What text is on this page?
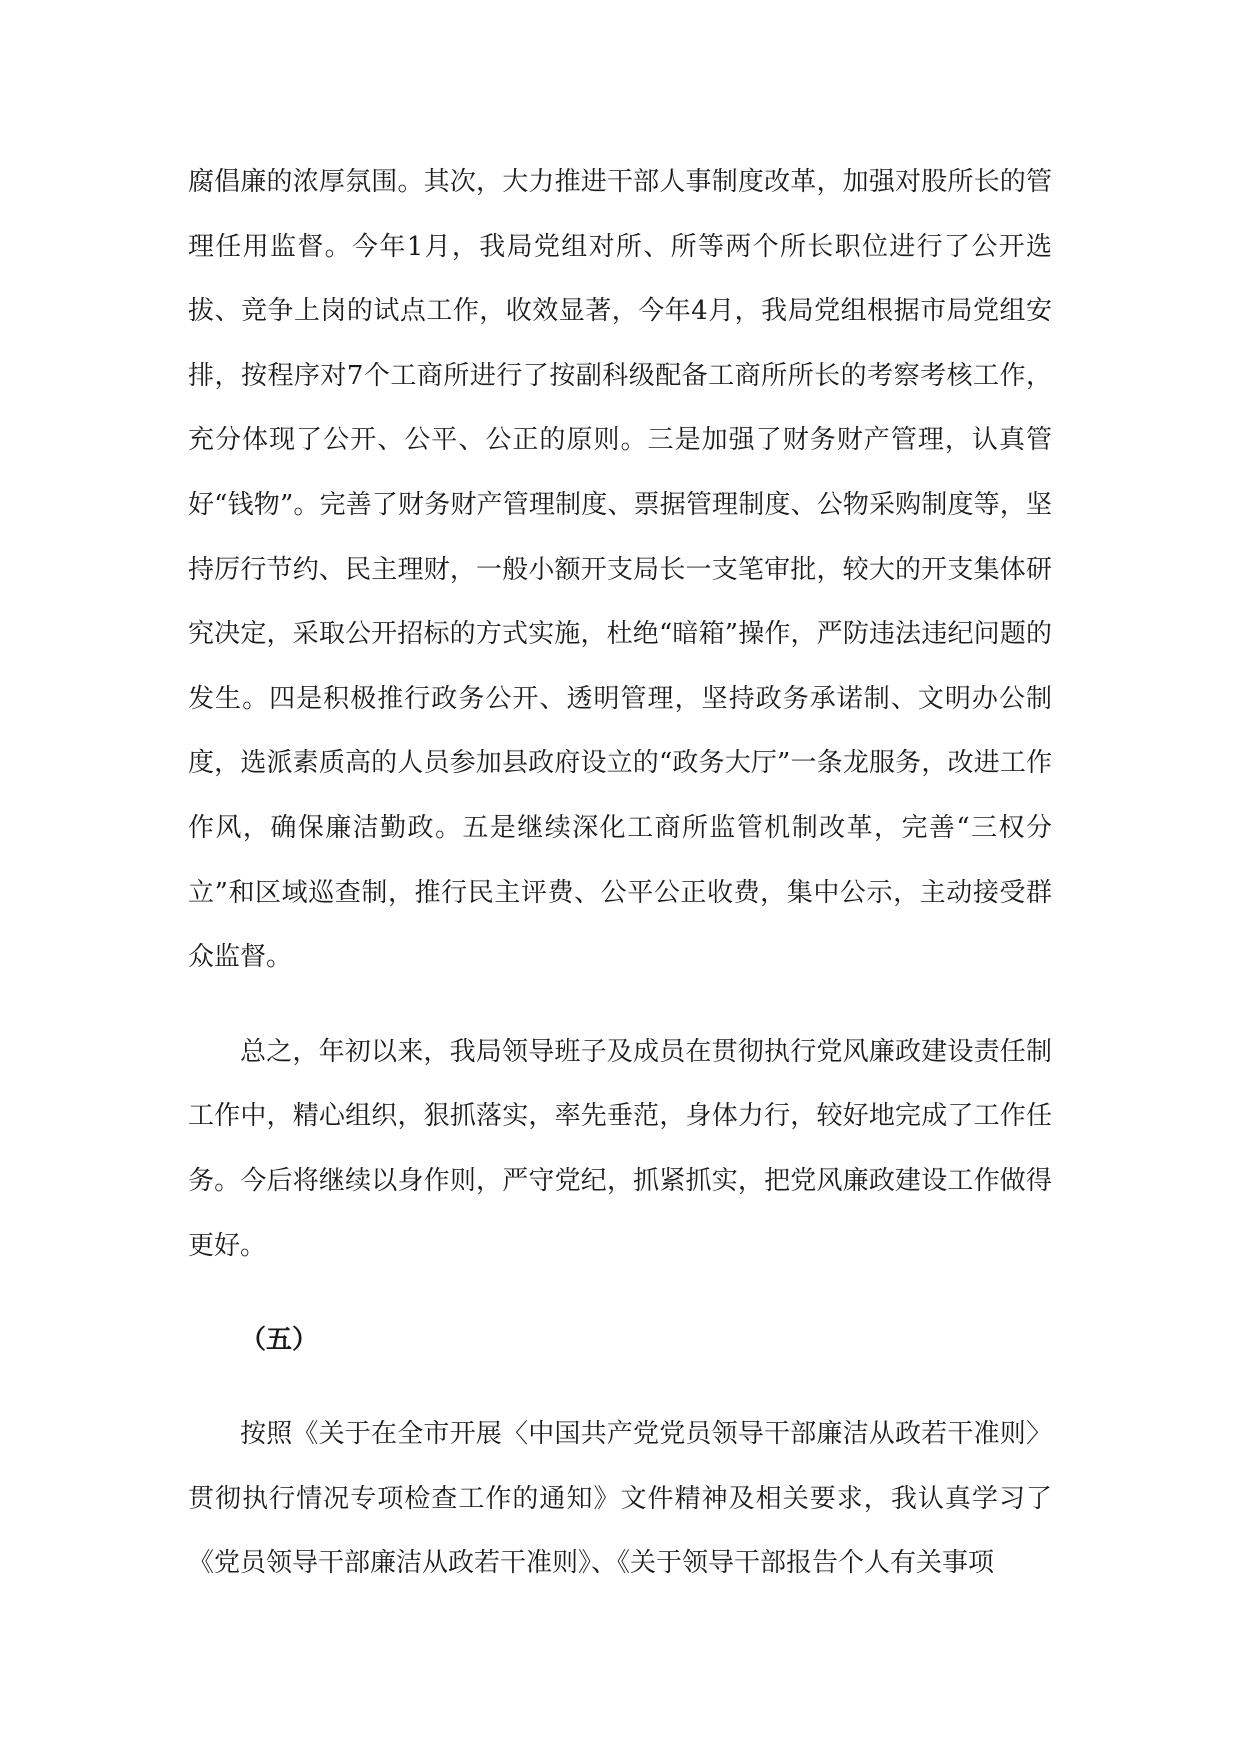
腐倡廉的浓厚氛围。其次，大力推进干部人事制度改革，加强对股所长的管理任用监督。今年1月，我局党组对所、所等两个所长职位进行了公开选拔、竞争上岗的试点工作，收效显著，今年4月，我局党组根据市局党组安排，按程序对7个工商所进行了按副科级配备工商所所长的考察考核工作，充分体现了公开、公平、公正的原则。三是加强了财务财产管理，认真管好“钱物”。完善了财务财产管理制度、票据管理制度、公物采购制度等，坚持厉行节约、民主理财，一般小额开支局长一支笔审批，较大的开支集体研究决定，采取公开招标的方式实施，杜绝“暗箱”操作，严防违法违纪问题的发生。四是积极推行政务公开、透明管理，坚持政务承诺制、文明办公制度，选派素质高的人员参加县政府设立的“政务大厅”一条龙服务，改进工作作风，确保廉洁勤政。五是继续深化工商所监管机制改革，完善“三权分立”和区域巡查制，推行民主评费、公平公正收费，集中公示，主动接受群众监督。

总之，年初以来，我局领导班子及成员在贯彻执行党风廉政建设责任制工作中，精心组织，狠抓落实，率先垂范，身体力行，较好地完成了工作任务。今后将继续以身作则，严守党纪，抓紧抓实，把党风廉政建设工作做得更好。

（五）

按照《关于在全市开展〈中国共产党党员领导干部廉洁从政若干准则〉贯彻执行情况专项检查工作的通知》文件精神及相关要求，我认真学习了《党员领导干部廉洁从政若干准则》、《关于领导干部报告个人有关事项
